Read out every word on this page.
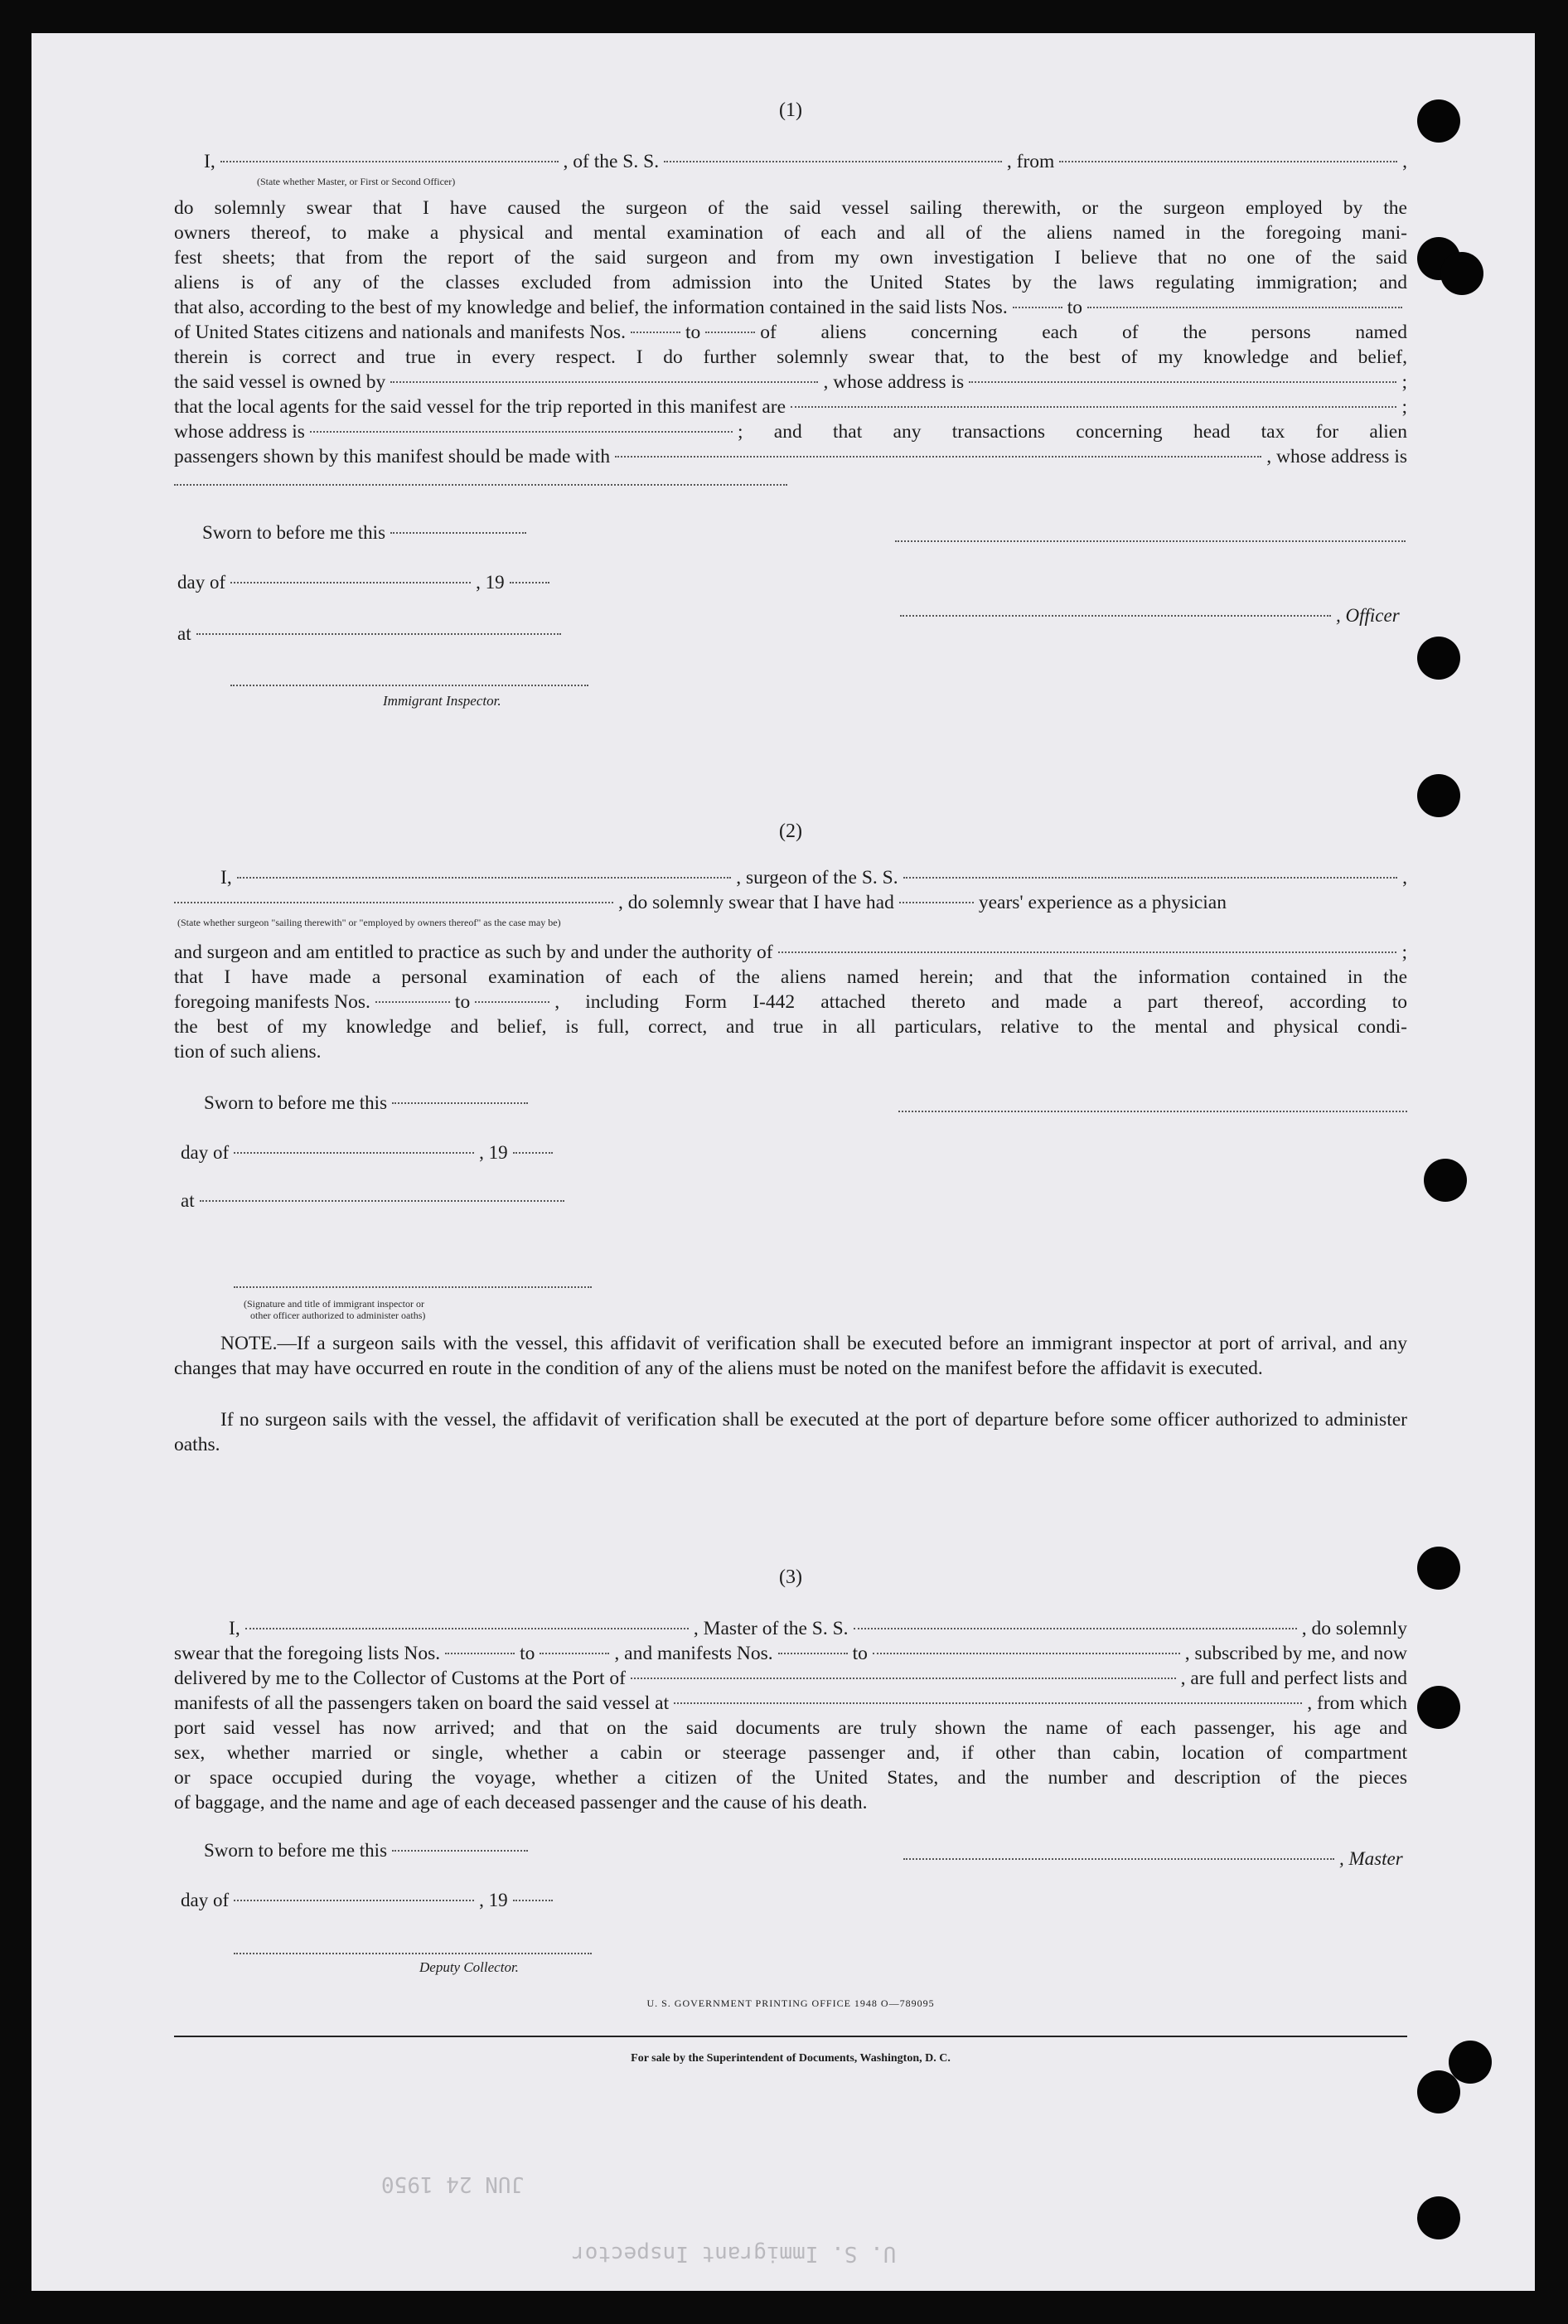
(1)
I,	, of the S. S.	, from	,
(State whether Master, or First or Second Officer)
do solemnly swear that I have caused the surgeon of the said vessel sailing therewith, or the surgeon employed by the
owners thereof, to make a physical and mental examination of each and all of the aliens named in the foregoing mani-
fest sheets; that from the report of the said surgeon and from my own investigation I believe that no one of the said
aliens is of any of the classes excluded from admission into the United States by the laws regulating immigration; and
that also, according to the best of my knowledge and belief, the information contained in the said lists Nos.	to
of United States citizens and nationals and manifests Nos.	to	of aliens concerning each of the persons named
therein is correct and true in every respect. I do further solemnly swear that, to the best of my knowledge and belief,
the said vessel is owned by	, whose address is	;
that the local agents for the said vessel for the trip reported in this manifest are	;
whose address is	; and that any transactions concerning head tax for alien
passengers shown by this manifest should be made with	, whose address is
Sworn to before me this
day of	, 19
, Officer
at
Immigrant Inspector.
(2)
I,	, surgeon of the S. S.	,
, do solemnly swear that I have had	years' experience as a physician
(State whether surgeon "sailing therewith" or "employed by owners thereof" as the case may be)
and surgeon and am entitled to practice as such by and under the authority of	;
that I have made a personal examination of each of the aliens named herein; and that the information contained in the
foregoing manifests Nos.	to	, including Form I-442 attached thereto and made a part thereof, according to
the best of my knowledge and belief, is full, correct, and true in all particulars, relative to the mental and physical condi-
tion of such aliens.
Sworn to before me this
day of	, 19
at
(Signature and title of immigrant inspector or
other officer authorized to administer oaths)
NOTE.—If a surgeon sails with the vessel, this affidavit of verification shall be executed before an immigrant inspector at port of arrival, and any changes that may have occurred en route in the condition of any of the aliens must be noted on the manifest before the affidavit is executed.
If no surgeon sails with the vessel, the affidavit of verification shall be executed at the port of departure before some officer authorized to administer oaths.
(3)
I,	, Master of the S. S.	, do solemnly
swear that the foregoing lists Nos.	to	, and manifests Nos.	to	, subscribed by me, and now
delivered by me to the Collector of Customs at the Port of	, are full and perfect lists and
manifests of all the passengers taken on board the said vessel at	, from which
port said vessel has now arrived; and that on the said documents are truly shown the name of each passenger, his age and
sex, whether married or single, whether a cabin or steerage passenger and, if other than cabin, location of compartment
or space occupied during the voyage, whether a citizen of the United States, and the number and description of the pieces
of baggage, and the name and age of each deceased passenger and the cause of his death.
Sworn to before me this	, Master
day of	, 19
Deputy Collector.
U. S. GOVERNMENT PRINTING OFFICE 1948 O—789095
For sale by the Superintendent of Documents, Washington, D. C.
JUN 24 1950
U. S. Immigrant Inspector
